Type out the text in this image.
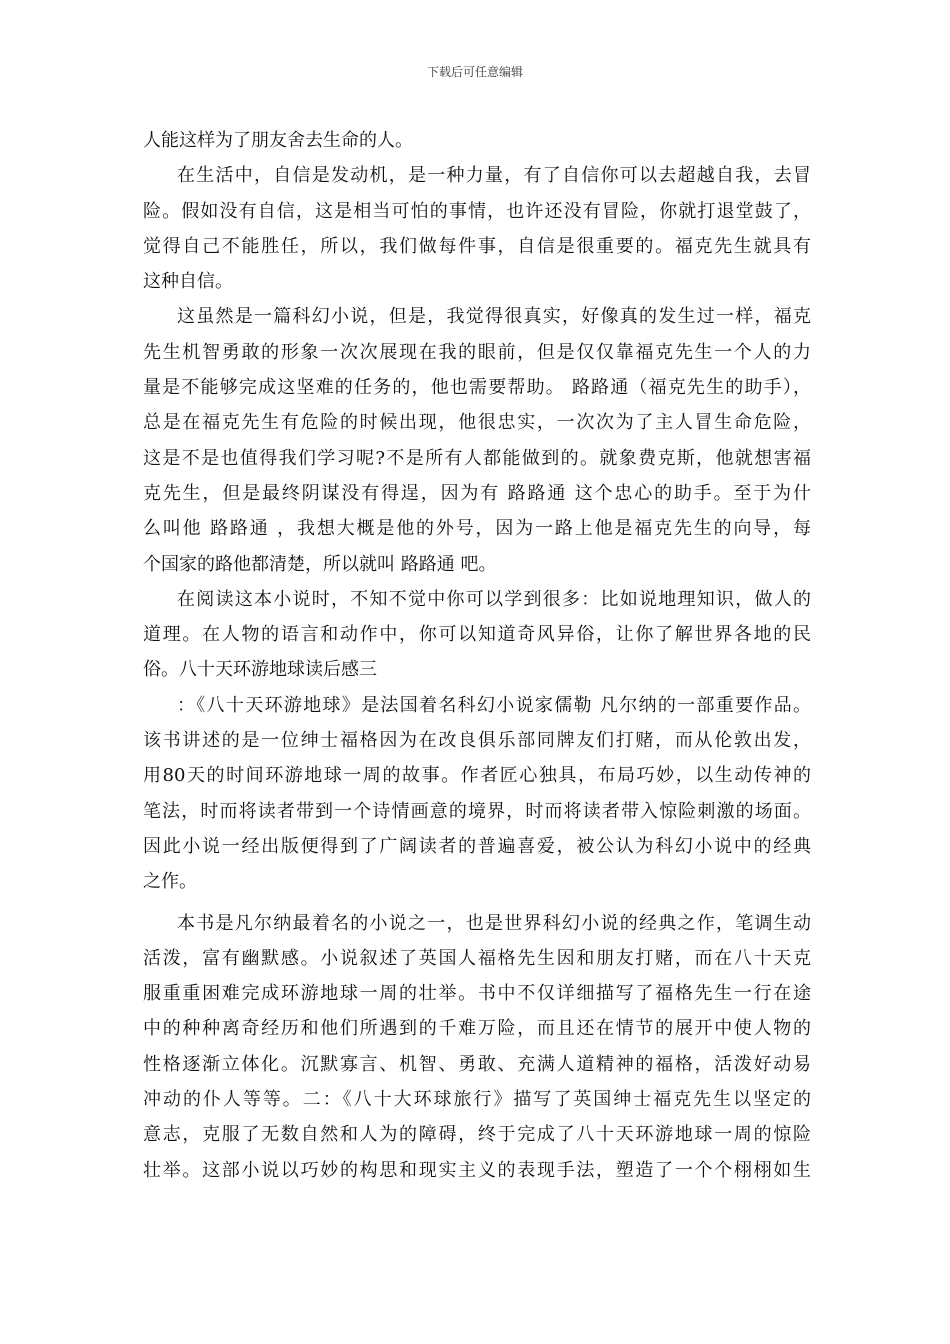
下载后可任意编辑
人能这样为了朋友舍去生命的人。
在生活中，自信是发动机，是一种力量，有了自信你可以去超越自我，去冒
险。假如没有自信，这是相当可怕的事情，也许还没有冒险，你就打退堂鼓了，
觉得自己不能胜任，所以，我们做每件事，自信是很重要的。福克先生就具有
这种自信。
这虽然是一篇科幻小说，但是，我觉得很真实，好像真的发生过一样，福克
先生机智勇敢的形象一次次展现在我的眼前，但是仅仅靠福克先生一个人的力
量是不能够完成这坚难的任务的，他也需要帮助。 路路通（福克先生的助手），
总是在福克先生有危险的时候出现，他很忠实，一次次为了主人冒生命危险，
这是不是也值得我们学习呢?不是所有人都能做到的。就象费克斯，他就想害福
克先生，但是最终阴谋没有得逞，因为有 路路通 这个忠心的助手。至于为什
么叫他 路路通 ，我想大概是他的外号，因为一路上他是福克先生的向导，每
个国家的路他都清楚，所以就叫 路路通 吧。
在阅读这本小说时，不知不觉中你可以学到很多：比如说地理知识，做人的
道理。在人物的语言和动作中，你可以知道奇风异俗，让你了解世界各地的民
俗。八十天环游地球读后感三
：《八十天环游地球》是法国着名科幻小说家儒勒 凡尔纳的一部重要作品。
该书讲述的是一位绅士福格因为在改良俱乐部同牌友们打赌，而从伦敦出发，
用80天的时间环游地球一周的故事。作者匠心独具，布局巧妙，以生动传神的
笔法，时而将读者带到一个诗情画意的境界，时而将读者带入惊险刺激的场面。
因此小说一经出版便得到了广阔读者的普遍喜爱，被公认为科幻小说中的经典
之作。
本书是凡尔纳最着名的小说之一，也是世界科幻小说的经典之作，笔调生动
活泼，富有幽默感。小说叙述了英国人福格先生因和朋友打赌，而在八十天克
服重重困难完成环游地球一周的壮举。书中不仅详细描写了福格先生一行在途
中的种种离奇经历和他们所遇到的千难万险，而且还在情节的展开中使人物的
性格逐渐立体化。沉默寡言、机智、勇敢、充满人道精神的福格，活泼好动易
冲动的仆人等等。二：《八十大环球旅行》描写了英国绅士福克先生以坚定的
意志，克服了无数自然和人为的障碍，终于完成了八十天环游地球一周的惊险
壮举。这部小说以巧妙的构思和现实主义的表现手法，塑造了一个个栩栩如生
